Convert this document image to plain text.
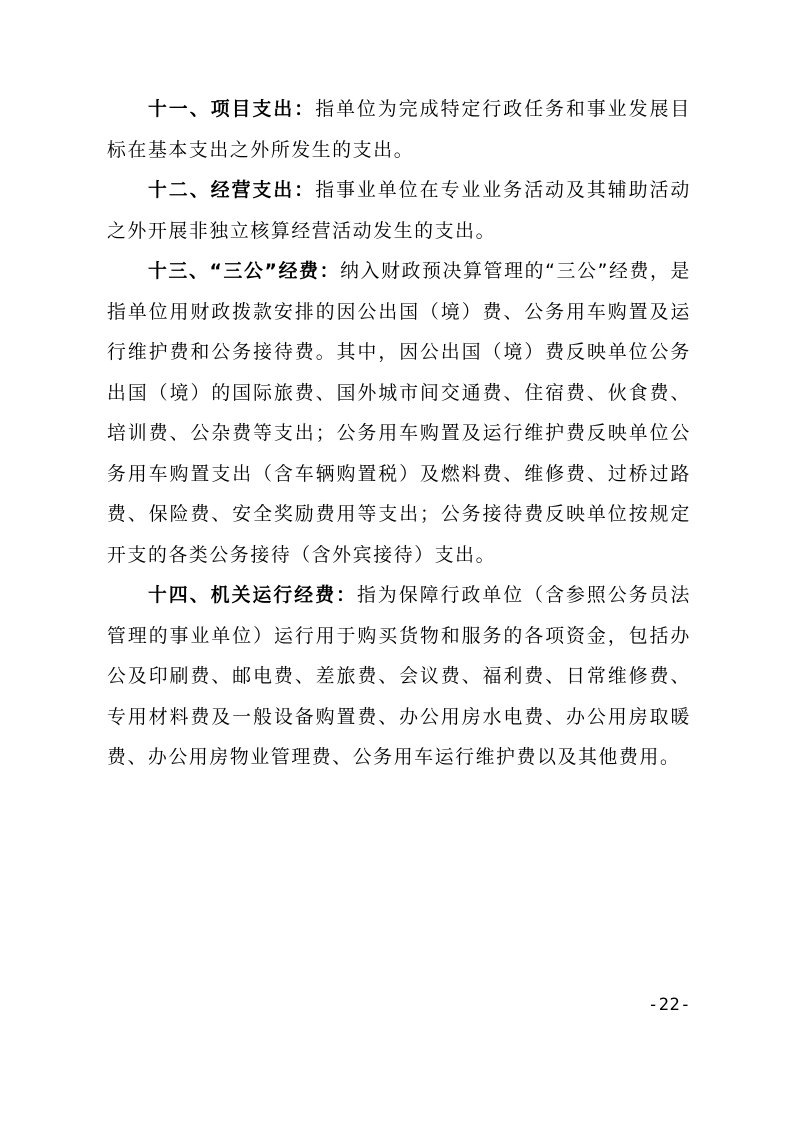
十一、项目支出：指单位为完成特定行政任务和事业发展目标在基本支出之外所发生的支出。

十二、经营支出：指事业单位在专业业务活动及其辅助活动之外开展非独立核算经营活动发生的支出。

十三、“三公”经费：纳入财政预决算管理的“三公”经费，是指单位用财政拨款安排的因公出国（境）费、公务用车购置及运行维护费和公务接待费。其中，因公出国（境）费反映单位公务出国（境）的国际旅费、国外城市间交通费、住宿费、伙食费、培训费、公杂费等支出；公务用车购置及运行维护费反映单位公务用车购置支出（含车辆购置税）及燃料费、维修费、过桥过路费、保险费、安全奖励费用等支出；公务接待费反映单位按规定开支的各类公务接待（含外宾接待）支出。

十四、机关运行经费：指为保障行政单位（含参照公务员法管理的事业单位）运行用于购买货物和服务的各项资金，包括办公及印刷费、邮电费、差旅费、会议费、福利费、日常维修费、专用材料费及一般设备购置费、办公用房水电费、办公用房取暖费、办公用房物业管理费、公务用车运行维护费以及其他费用。

-22-
